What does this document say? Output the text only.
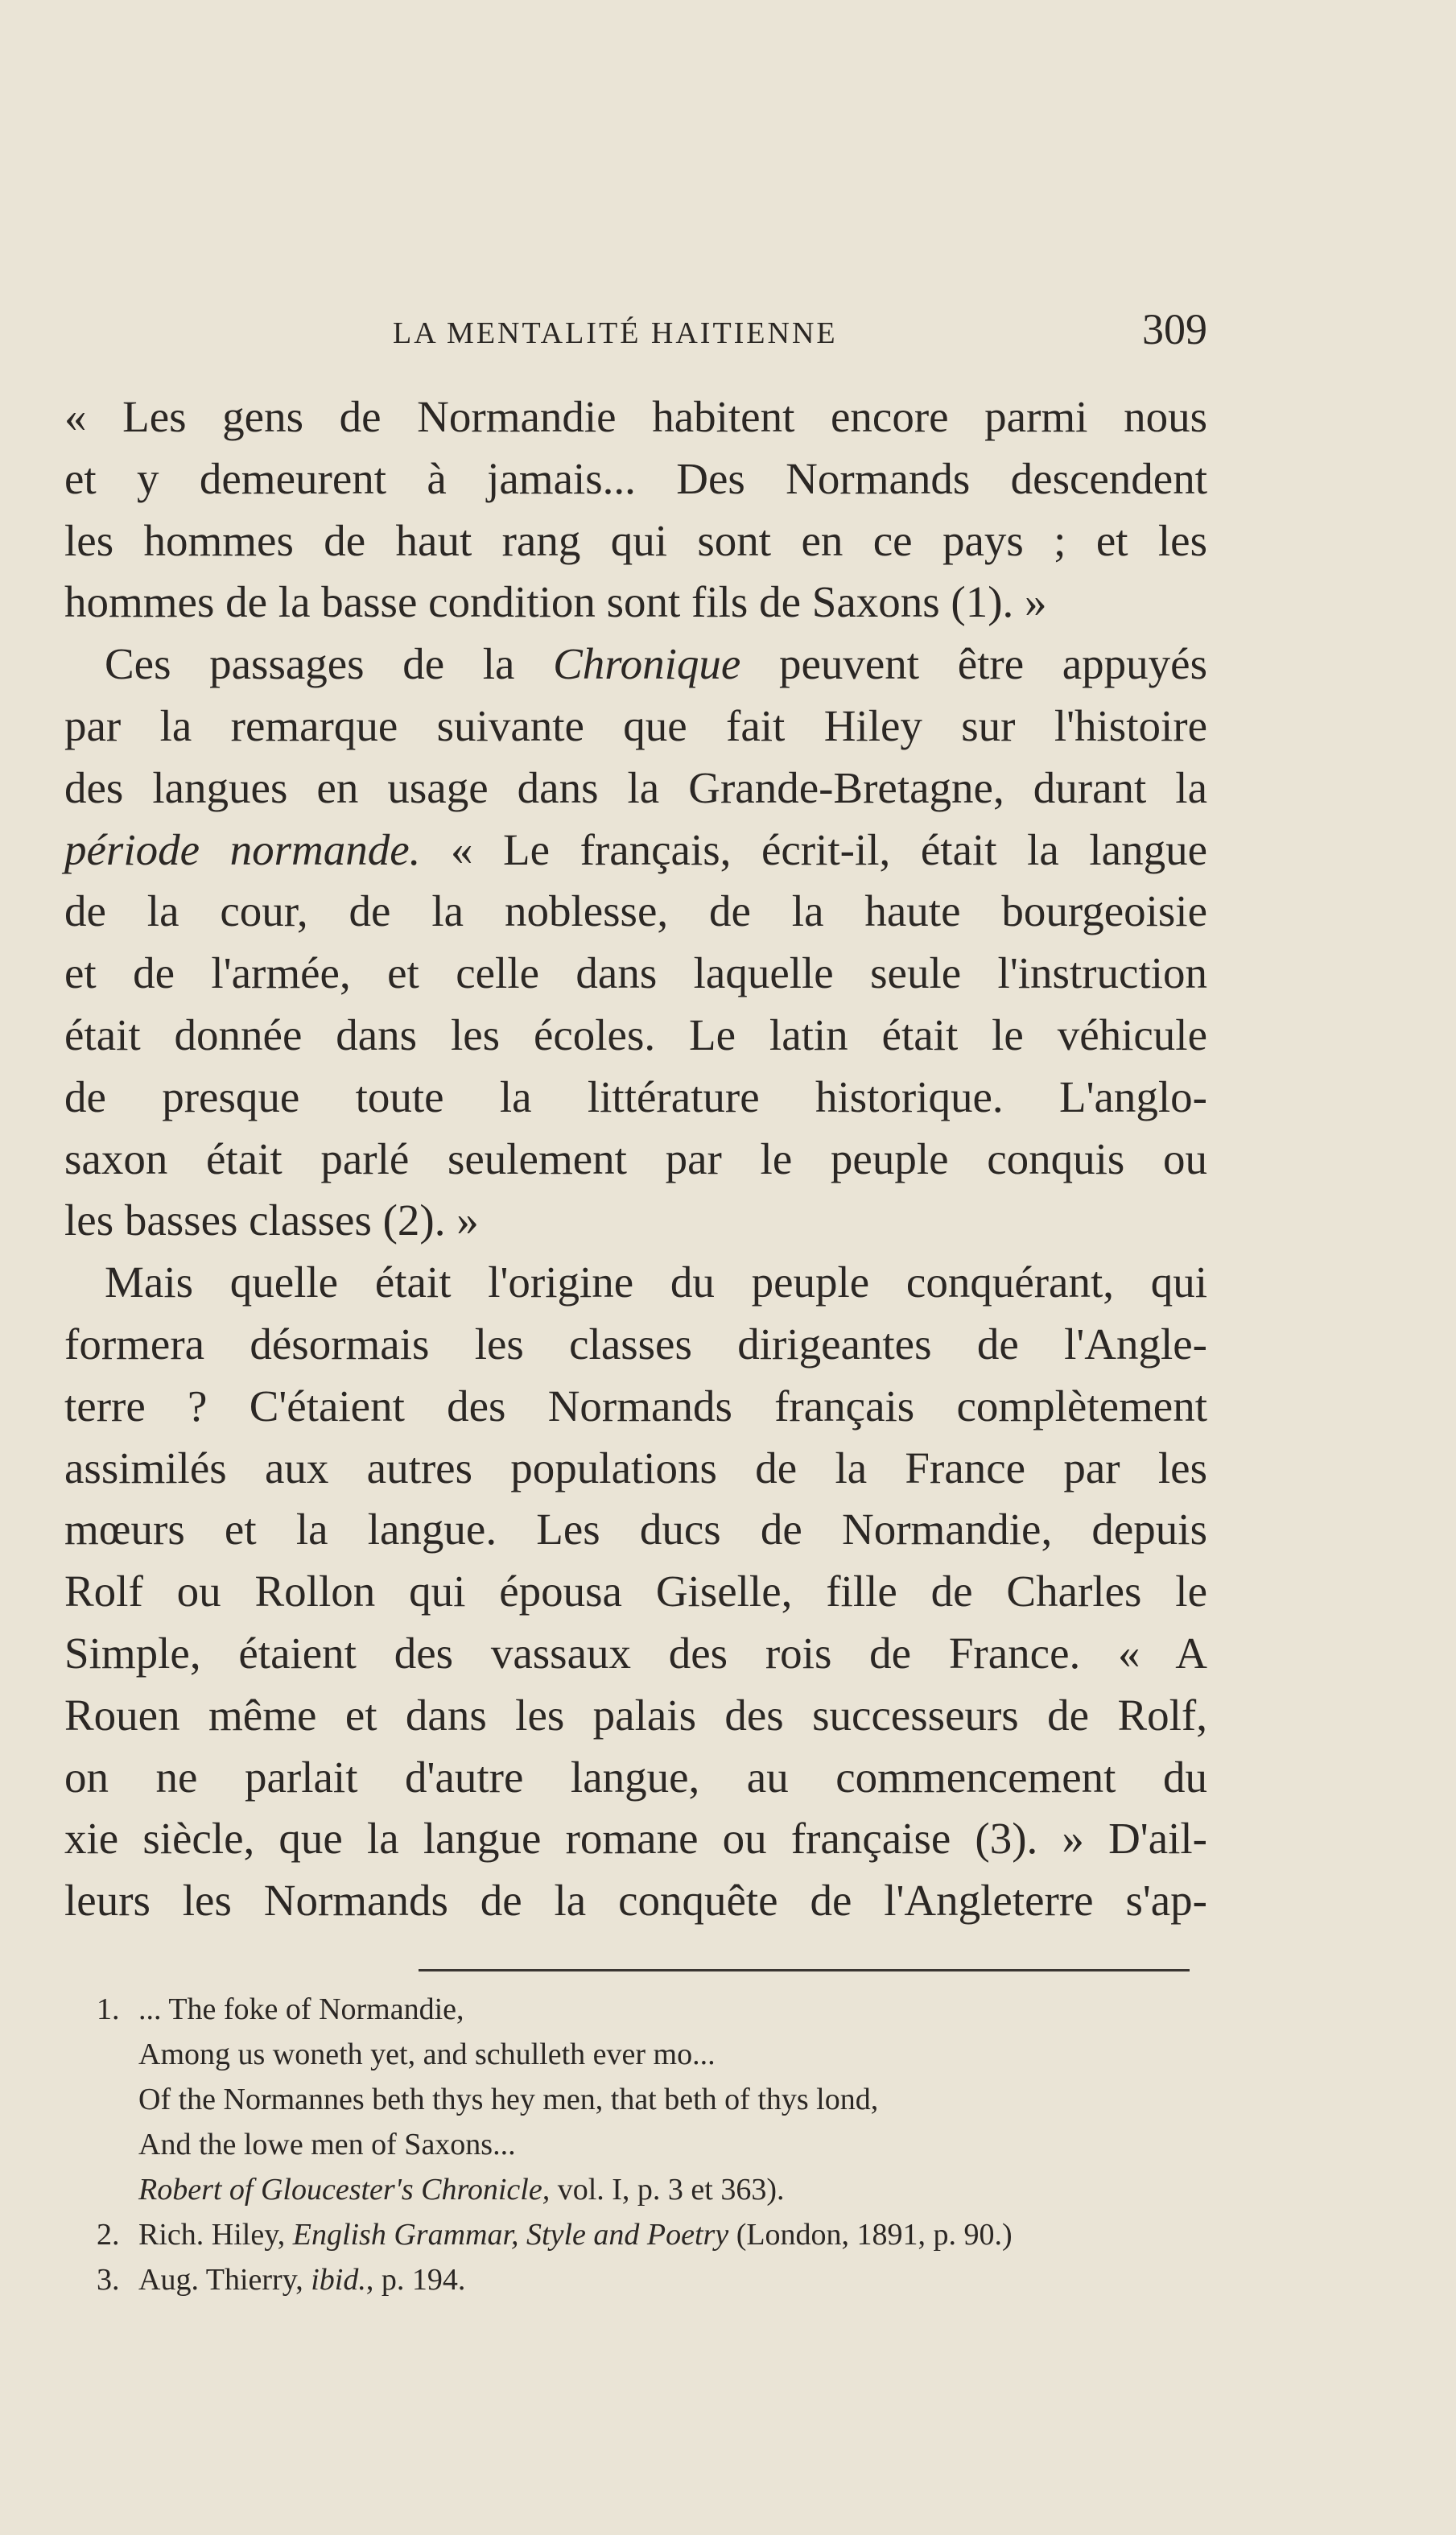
LA MENTALITÉ HAITIENNE	309
« Les gens de Normandie habitent encore parmi nous
et y demeurent à jamais... Des Normands descendent
les hommes de haut rang qui sont en ce pays ; et les
hommes de la basse condition sont fils de Saxons (1). »
Ces passages de la Chronique peuvent être appuyés
par la remarque suivante que fait Hiley sur l'histoire
des langues en usage dans la Grande-Bretagne, durant la
période normande. « Le français, écrit-il, était la langue
de la cour, de la noblesse, de la haute bourgeoisie
et de l'armée, et celle dans laquelle seule l'instruction
était donnée dans les écoles. Le latin était le véhicule
de presque toute la littérature historique. L'anglo-
saxon était parlé seulement par le peuple conquis ou
les basses classes (2). »
Mais quelle était l'origine du peuple conquérant, qui
formera désormais les classes dirigeantes de l'Angle-
terre ? C'étaient des Normands français complètement
assimilés aux autres populations de la France par les
mœurs et la langue. Les ducs de Normandie, depuis
Rolf ou Rollon qui épousa Giselle, fille de Charles le
Simple, étaient des vassaux des rois de France. « A
Rouen même et dans les palais des successeurs de Rolf,
on ne parlait d'autre langue, au commencement du
xie siècle, que la langue romane ou française (3). » D'ail-
leurs les Normands de la conquête de l'Angleterre s'ap-
1. ... The foke of Normandie,
Among us woneth yet, and schulleth ever mo...
Of the Normannes beth thys hey men, that beth of thys lond,
And the lowe men of Saxons...
Robert of Gloucester's Chronicle, vol. I, p. 3 et 363).
2. Rich. Hiley, English Grammar, Style and Poetry (London, 1891, p. 90.)
3. Aug. Thierry, ibid., p. 194.
